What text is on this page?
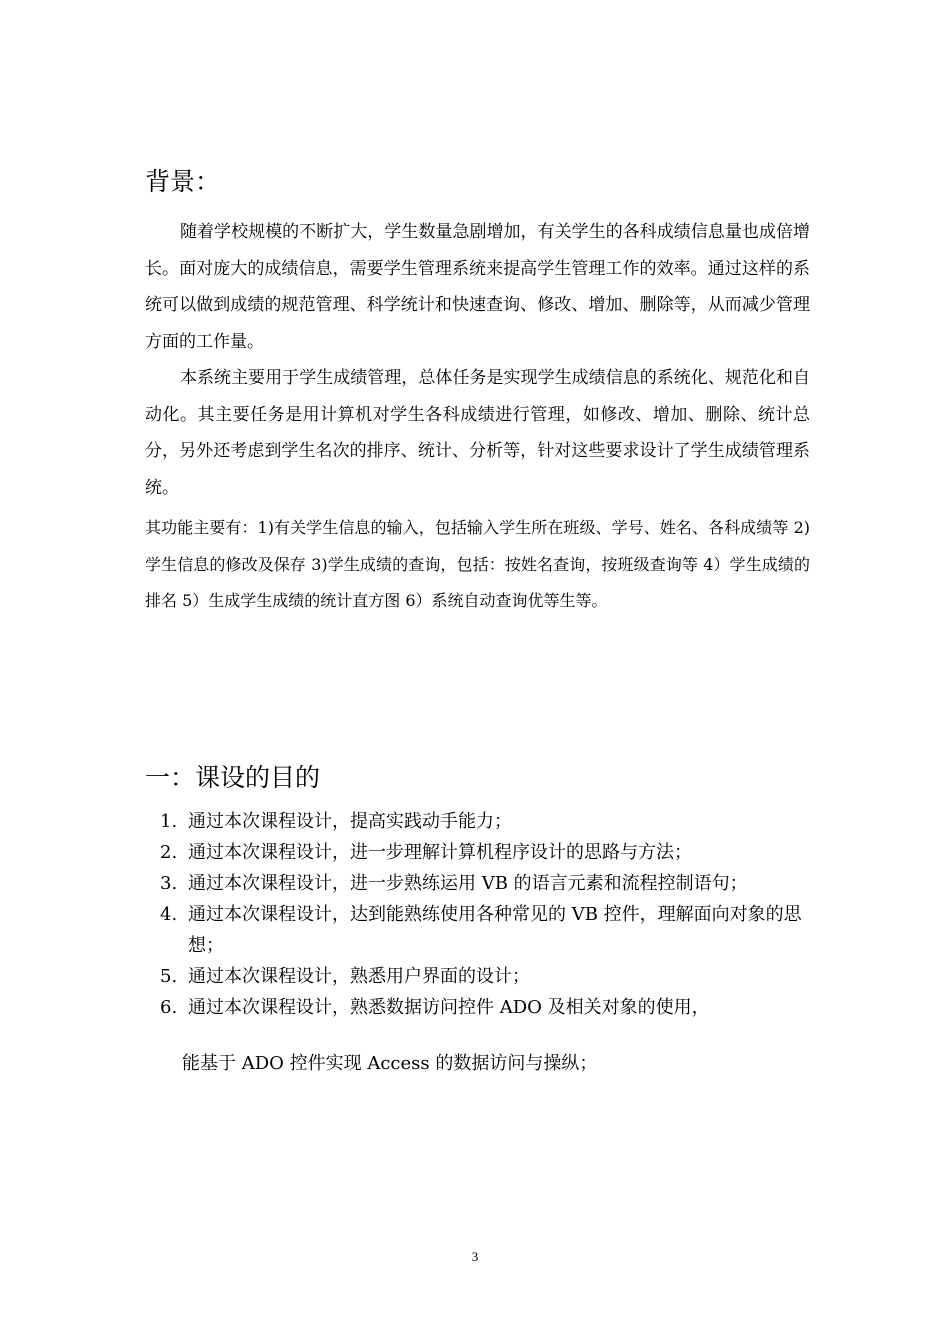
背景：

随着学校规模的不断扩大，学生数量急剧增加，有关学生的各科成绩信息量也成倍增长。面对庞大的成绩信息，需要学生管理系统来提高学生管理工作的效率。通过这样的系统可以做到成绩的规范管理、科学统计和快速查询、修改、增加、删除等，从而减少管理方面的工作量。

本系统主要用于学生成绩管理，总体任务是实现学生成绩信息的系统化、规范化和自动化。其主要任务是用计算机对学生各科成绩进行管理，如修改、增加、删除、统计总分，另外还考虑到学生名次的排序、统计、分析等，针对这些要求设计了学生成绩管理系统。

其功能主要有：1)有关学生信息的输入，包括输入学生所在班级、学号、姓名、各科成绩等 2)学生信息的修改及保存 3)学生成绩的查询，包括：按姓名查询，按班级查询等 4）学生成绩的排名 5）生成学生成绩的统计直方图 6）系统自动查询优等生等。

一：课设的目的
1. 通过本次课程设计，提高实践动手能力；
2. 通过本次课程设计，进一步理解计算机程序设计的思路与方法；
3. 通过本次课程设计，进一步熟练运用 VB 的语言元素和流程控制语句；
4. 通过本次课程设计，达到能熟练使用各种常见的 VB 控件，理解面向对象的思想；
5. 通过本次课程设计，熟悉用户界面的设计；
6. 通过本次课程设计，熟悉数据访问控件 ADO 及相关对象的使用，

能基于 ADO 控件实现 Access 的数据访问与操纵；

3
